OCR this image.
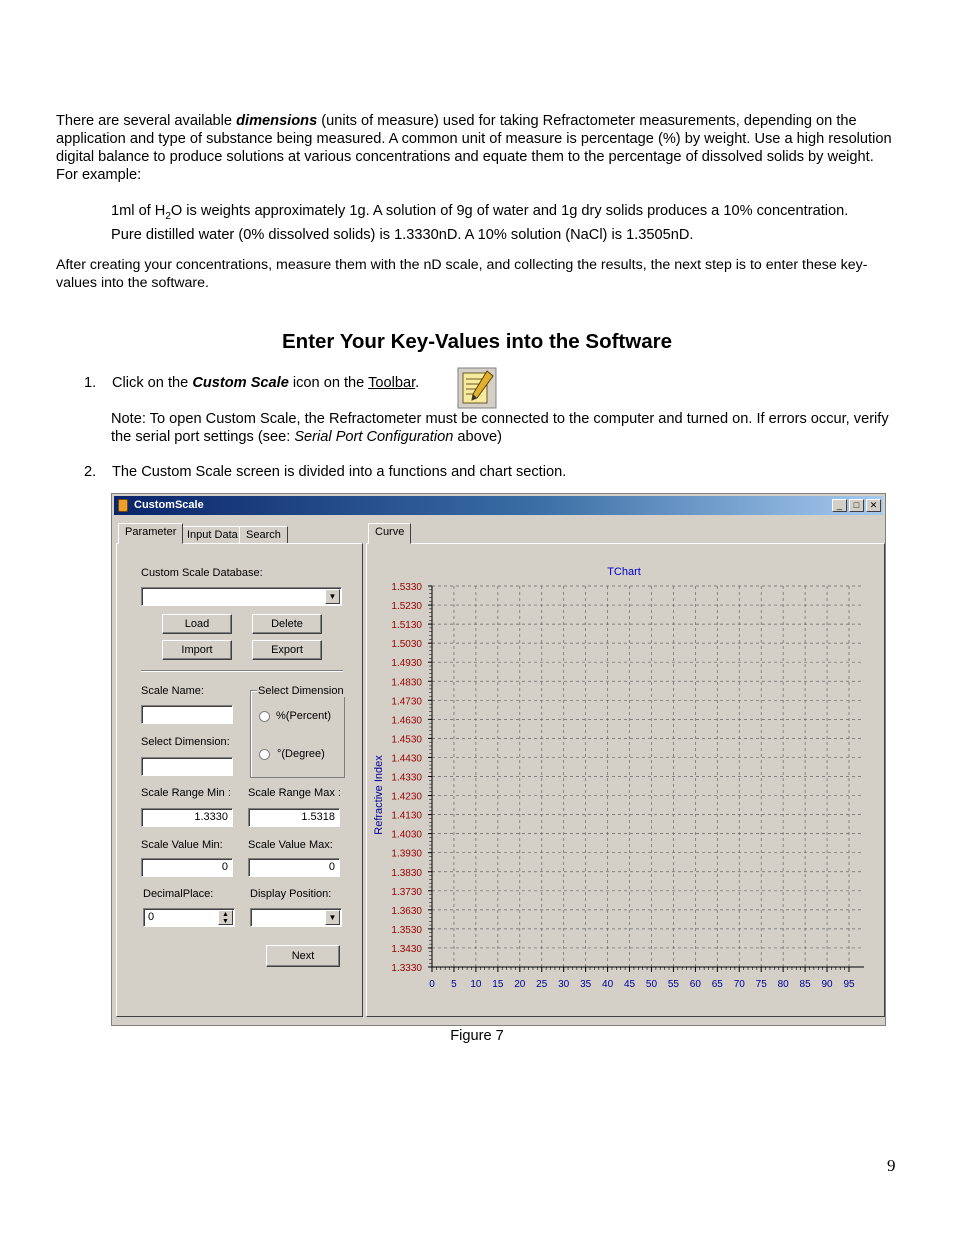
There are several available dimensions (units of measure) used for taking Refractometer measurements, depending on the application and type of substance being measured. A common unit of measure is percentage (%) by weight. Use a high resolution digital balance to produce solutions at various concentrations and equate them to the percentage of dissolved solids by weight. For example:

1ml of $H_2O$ is weights approximately 1g. A solution of 9g of water and 1g dry solids produces a 10% concentration. Pure distilled water (0% dissolved solids) is 1.3330nD. A 10% solution (NaCl) is 1.3505nD.

After creating your concentrations, measure them with the nD scale, and collecting the results, the next step is to enter these key-values into the software.

Enter Your Key-Values into the Software

1. Click on the Custom Scale icon on the Toolbar.

Note: To open Custom Scale, the Refractometer must be connected to the computer and turned on. If errors occur, verify the serial port settings (see: Serial Port Configuration above)

2. The Custom Scale screen is divided into a functions and chart section.

CustomScale	_	□	✕
Parameter Input Data Search
Custom Scale Database:
▼
Load	Delete
Import	Export
Scale Name:
Select Dimension:
Select Dimension
%(Percent)
°(Degree)
Scale Range Min : Scale Range Max :
1.3330	1.5318
Scale Value Min: Scale Value Max:
0	0
DecimalPlace:	Display Position:
0	▲
▼	▼
Next
Curve
TChart
Refractive Index
1.5330
1.5230
1.5130
1.5030
1.4930
1.4830
1.4730
1.4630
1.4530
1.4430
1.4330
1.4230
1.4130
1.4030
1.3930
1.3830
1.3730
1.3630
1.3530
1.3430
1.3330
0 5 10 15 20 25 30 35 40 45 50 55 60 65 70 75 80 85 90 95
Figure 7
9
